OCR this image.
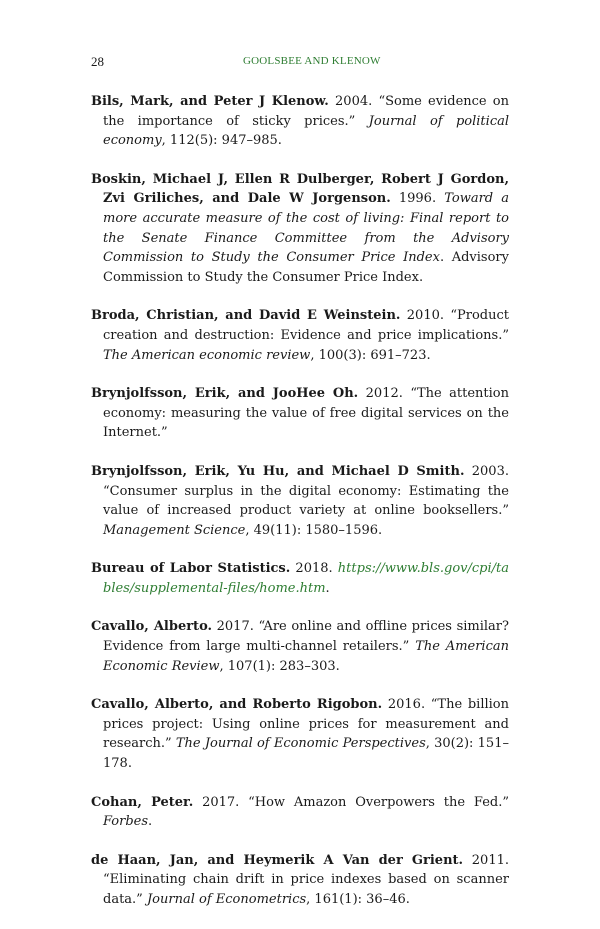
28	GOOLSBEE AND KLENOW

Bils, Mark, and Peter J Klenow. 2004. “Some evidence on the importance of sticky prices.” Journal of political economy, 112(5): 947–985.

Boskin, Michael J, Ellen R Dulberger, Robert J Gordon, Zvi Griliches, and Dale W Jorgenson. 1996. Toward a more accurate measure of the cost of living: Final report to the Senate Finance Committee from the Advisory Commission to Study the Consumer Price Index. Advisory Commission to Study the Consumer Price Index.

Broda, Christian, and David E Weinstein. 2010. “Product creation and destruction: Evidence and price implications.” The American economic review, 100(3): 691–723.

Brynjolfsson, Erik, and JooHee Oh. 2012. “The attention economy: measuring the value of free digital services on the Internet.”

Brynjolfsson, Erik, Yu Hu, and Michael D Smith. 2003. “Consumer surplus in the digital economy: Estimating the value of increased product variety at online booksellers.” Management Science, 49(11): 1580–1596.

Bureau of Labor Statistics. 2018. https://www.bls.gov/cpi/tables/supplemental-files/home.htm.

Cavallo, Alberto. 2017. “Are online and offline prices similar? Evidence from large multi-channel retailers.” The American Economic Review, 107(1): 283–303.

Cavallo, Alberto, and Roberto Rigobon. 2016. “The billion prices project: Using online prices for measurement and research.” The Journal of Economic Perspectives, 30(2): 151–178.

Cohan, Peter. 2017. “How Amazon Overpowers the Fed.” Forbes.

de Haan, Jan, and Heymerik A Van der Grient. 2011. “Eliminating chain drift in price indexes based on scanner data.” Journal of Econometrics, 161(1): 36–46.
